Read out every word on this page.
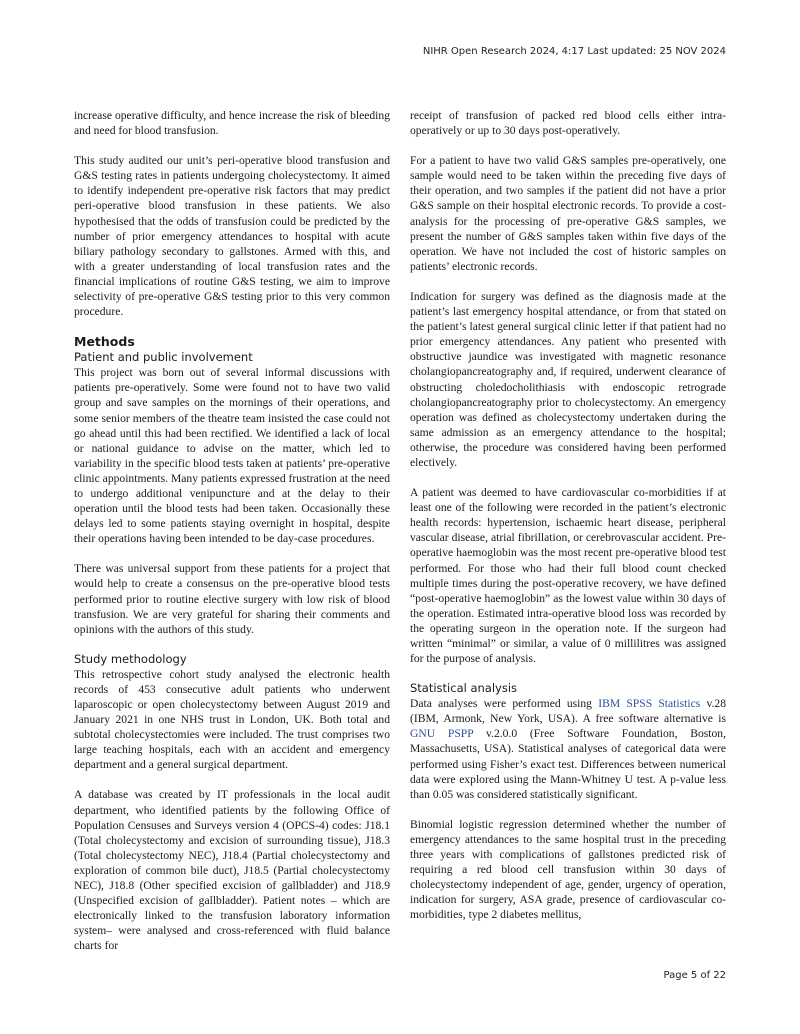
NIHR Open Research 2024, 4:17 Last updated: 25 NOV 2024

increase operative difficulty, and hence increase the risk of bleeding and need for blood transfusion.

This study audited our unit’s peri-operative blood transfusion and G&S testing rates in patients undergoing cholecystectomy. It aimed to identify independent pre-operative risk factors that may predict peri-operative blood transfusion in these patients. We also hypothesised that the odds of transfusion could be predicted by the number of prior emergency attendances to hospital with acute biliary pathology secondary to gallstones. Armed with this, and with a greater understanding of local transfusion rates and the financial implications of routine G&S testing, we aim to improve selectivity of pre-operative G&S testing prior to this very common procedure.

Methods
Patient and public involvement

This project was born out of several informal discussions with patients pre-operatively. Some were found not to have two valid group and save samples on the mornings of their operations, and some senior members of the theatre team insisted the case could not go ahead until this had been rectified. We identified a lack of local or national guidance to advise on the matter, which led to variability in the specific blood tests taken at patients’ pre-operative clinic appointments. Many patients expressed frustration at the need to undergo additional venipuncture and at the delay to their operation until the blood tests had been taken. Occasionally these delays led to some patients staying overnight in hospital, despite their operations having been intended to be day-case procedures.

There was universal support from these patients for a project that would help to create a consensus on the pre-operative blood tests performed prior to routine elective surgery with low risk of blood transfusion. We are very grateful for sharing their comments and opinions with the authors of this study.

Study methodology

This retrospective cohort study analysed the electronic health records of 453 consecutive adult patients who underwent laparoscopic or open cholecystectomy between August 2019 and January 2021 in one NHS trust in London, UK. Both total and subtotal cholecystectomies were included. The trust comprises two large teaching hospitals, each with an accident and emergency department and a general surgical department.

A database was created by IT professionals in the local audit department, who identified patients by the following Office of Population Censuses and Surveys version 4 (OPCS-4) codes: J18.1 (Total cholecystectomy and excision of surrounding tissue), J18.3 (Total cholecystectomy NEC), J18.4 (Partial cholecystectomy and exploration of common bile duct), J18.5 (Partial cholecystectomy NEC), J18.8 (Other specified excision of gallbladder) and J18.9 (Unspecified excision of gallbladder). Patient notes – which are electronically linked to the transfusion laboratory information system– were analysed and cross-referenced with fluid balance charts for

receipt of transfusion of packed red blood cells either intra-operatively or up to 30 days post-operatively.

For a patient to have two valid G&S samples pre-operatively, one sample would need to be taken within the preceding five days of their operation, and two samples if the patient did not have a prior G&S sample on their hospital electronic records. To provide a cost-analysis for the processing of pre-operative G&S samples, we present the number of G&S samples taken within five days of the operation. We have not included the cost of historic samples on patients’ electronic records.

Indication for surgery was defined as the diagnosis made at the patient’s last emergency hospital attendance, or from that stated on the patient’s latest general surgical clinic letter if that patient had no prior emergency attendances. Any patient who presented with obstructive jaundice was investigated with magnetic resonance cholangiopancreatography and, if required, underwent clearance of obstructing choledocholithiasis with endoscopic retrograde cholangiopancreatography prior to cholecystectomy. An emergency operation was defined as cholecystectomy undertaken during the same admission as an emergency attendance to the hospital; otherwise, the procedure was considered having been performed electively.

A patient was deemed to have cardiovascular co-morbidities if at least one of the following were recorded in the patient’s electronic health records: hypertension, ischaemic heart disease, peripheral vascular disease, atrial fibrillation, or cerebrovascular accident. Pre-operative haemoglobin was the most recent pre-operative blood test performed. For those who had their full blood count checked multiple times during the post-operative recovery, we have defined “post-operative haemoglobin” as the lowest value within 30 days of the operation. Estimated intra-operative blood loss was recorded by the operating surgeon in the operation note. If the surgeon had written “minimal” or similar, a value of 0 millilitres was assigned for the purpose of analysis.

Statistical analysis

Data analyses were performed using IBM SPSS Statistics v.28 (IBM, Armonk, New York, USA). A free software alternative is GNU PSPP v.2.0.0 (Free Software Foundation, Boston, Massachusetts, USA). Statistical analyses of categorical data were performed using Fisher’s exact test. Differences between numerical data were explored using the Mann-Whitney U test. A p-value less than 0.05 was considered statistically significant.

Binomial logistic regression determined whether the number of emergency attendances to the same hospital trust in the preceding three years with complications of gallstones predicted risk of requiring a red blood cell transfusion within 30 days of cholecystectomy independent of age, gender, urgency of operation, indication for surgery, ASA grade, presence of cardiovascular co-morbidities, type 2 diabetes mellitus,

Page 5 of 22
